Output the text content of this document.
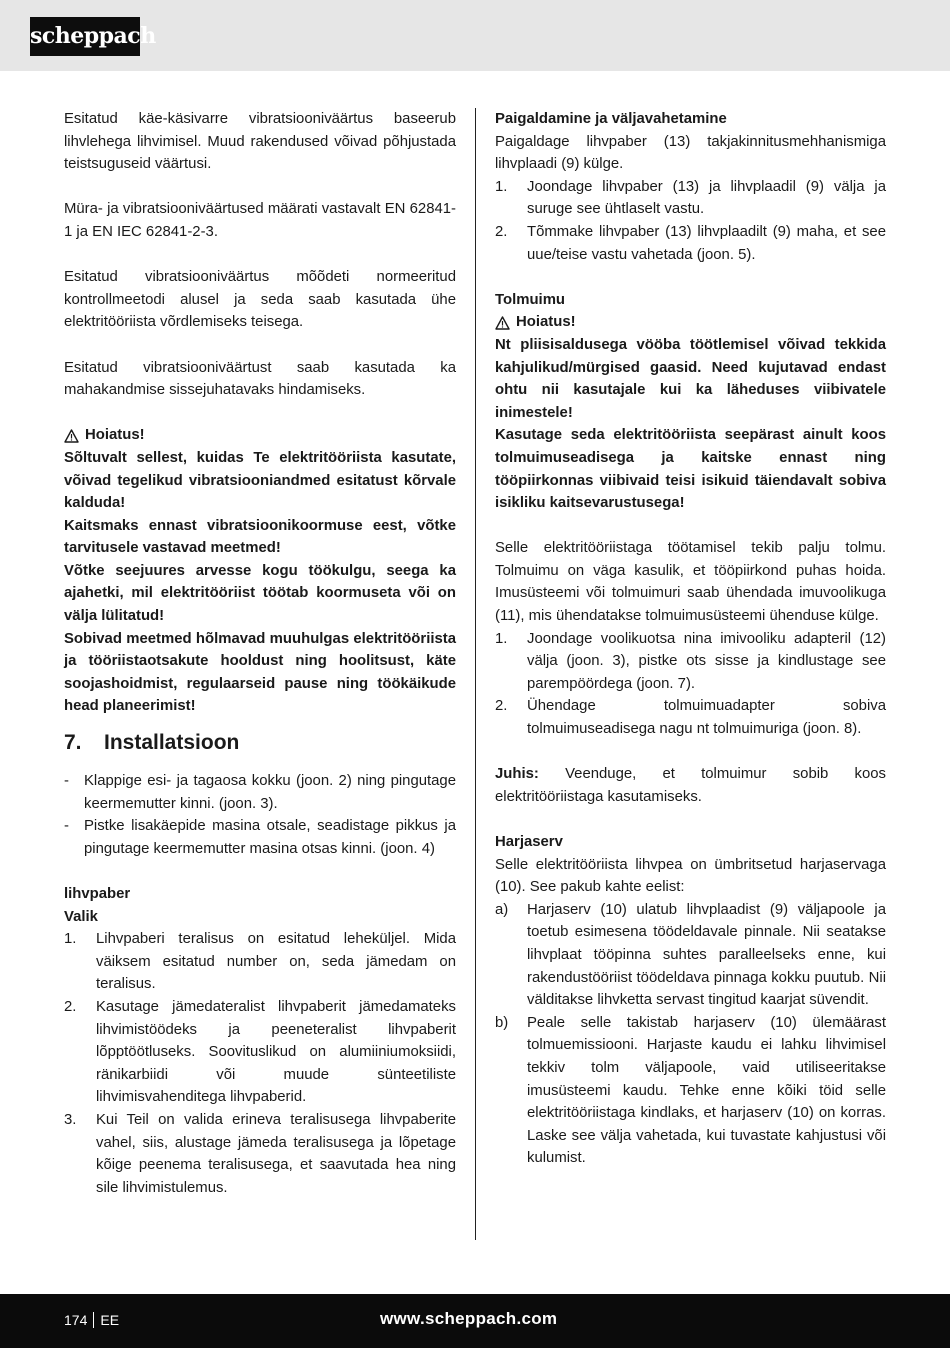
scheppach

Esitatud käe-käsivarre vibratsiooniväärtus baseerub lihvlehega lihvimisel. Muud rakendused võivad põhjustada teistsuguseid väärtusi.

Müra- ja vibratsiooniväärtused määrati vastavalt EN 62841-1 ja EN IEC 62841-2-3.

Esitatud vibratsiooniväärtus mõõdeti normeeritud kontrollmeetodi alusel ja seda saab kasutada ühe elektritööriista võrdlemiseks teisega.

Esitatud vibratsiooniväärtust saab kasutada ka mahakandmise sissejuhatavaks hindamiseks.

Hoiatus!

Sõltuvalt sellest, kuidas Te elektritööriista kasutate, võivad tegelikud vibratsiooniandmed esitatust kõrvale kalduda!

Kaitsmaks ennast vibratsioonikoormuse eest, võtke tarvitusele vastavad meetmed!

Võtke seejuures arvesse kogu töökulgu, seega ka ajahetki, mil elektritööriist töötab koormuseta või on välja lülitatud!

Sobivad meetmed hõlmavad muuhulgas elektritööriista ja tööriistaotsakute hooldust ning hoolitsust, käte soojashoidmist, regulaarseid pause ning töökäikude head planeerimist!

7.	Installatsioon
-	Klappige esi- ja tagaosa kokku (joon. 2) ning pingutage keermemutter kinni. (joon. 3).
-	Pistke lisakäepide masina otsale, seadistage pikkus ja pingutage keermemutter masina otsas kinni. (joon. 4)

lihvpaber

Valik

1.	Lihvpaberi teralisus on esitatud leheküljel. Mida väiksem esitatud number on, seda jämedam on teralisus.
2.	Kasutage jämedateralist lihvpaberit jämedamateks lihvimistöödeks ja peeneteralist lihvpaberit lõpptöötluseks. Soovituslikud on alumiiniumoksiidi, ränikarbiidi või muude sünteetiliste lihvimisvahenditega lihvpaberid.
3.	Kui Teil on valida erineva teralisusega lihvpaberite vahel, siis, alustage jämeda teralisusega ja lõpetage kõige peenema teralisusega, et saavutada hea ning sile lihvimistulemus.

Paigaldamine ja väljavahetamine

Paigaldage lihvpaber (13) takjakinnitusmehhanismiga lihvplaadi (9) külge.

1.	Joondage lihvpaber (13) ja lihvplaadil (9) välja ja suruge see ühtlaselt vastu.
2.	Tõmmake lihvpaber (13) lihvplaadilt (9) maha, et see uue/teise vastu vahetada (joon. 5).

Tolmuimu

Hoiatus!

Nt pliisisaldusega vööba töötlemisel võivad tekkida kahjulikud/mürgised gaasid. Need kujutavad endast ohtu nii kasutajale kui ka läheduses viibivatele inimestele!

Kasutage seda elektritööriista seepärast ainult koos tolmuimuseadisega ja kaitske ennast ning tööpiirkonnas viibivaid teisi isikuid täiendavalt sobiva isikliku kaitsevarustusega!

Selle elektritööriistaga töötamisel tekib palju tolmu. Tolmuimu on väga kasulik, et tööpiirkond puhas hoida. Imusüsteemi või tolmuimuri saab ühendada imuvoolikuga (11), mis ühendatakse tolmuimusüsteemi ühenduse külge.

1.	Joondage voolikuotsa nina imivooliku adapteril (12) välja (joon. 3), pistke ots sisse ja kindlustage see parempöördega (joon. 7).
2.	Ühendage tolmuimuadapter sobiva tolmuimuseadisega nagu nt tolmuimuriga (joon. 8).

Juhis: Veenduge, et tolmuimur sobib koos elektritööriistaga kasutamiseks.

Harjaserv

Selle elektritööriista lihvpea on ümbritsetud harjaservaga (10). See pakub kahte eelist:

a)	Harjaserv (10) ulatub lihvplaadist (9) väljapoole ja toetub esimesena töödeldavale pinnale. Nii seatakse lihvplaat tööpinna suhtes paralleelseks enne, kui rakendustööriist töödeldava pinnaga kokku puutub. Nii välditakse lihvketta servast tingitud kaarjat süvendit.
b)	Peale selle takistab harjaserv (10) ülemäärast tolmuemissiooni. Harjaste kaudu ei lahku lihvimisel tekkiv tolm väljapoole, vaid utiliseeritakse imusüsteemi kaudu. Tehke enne kõiki töid selle elektritööriistaga kindlaks, et harjaserv (10) on korras. Laske see välja vahetada, kui tuvastate kahjustusi või kulumist.
174 EE	www.scheppach.com
